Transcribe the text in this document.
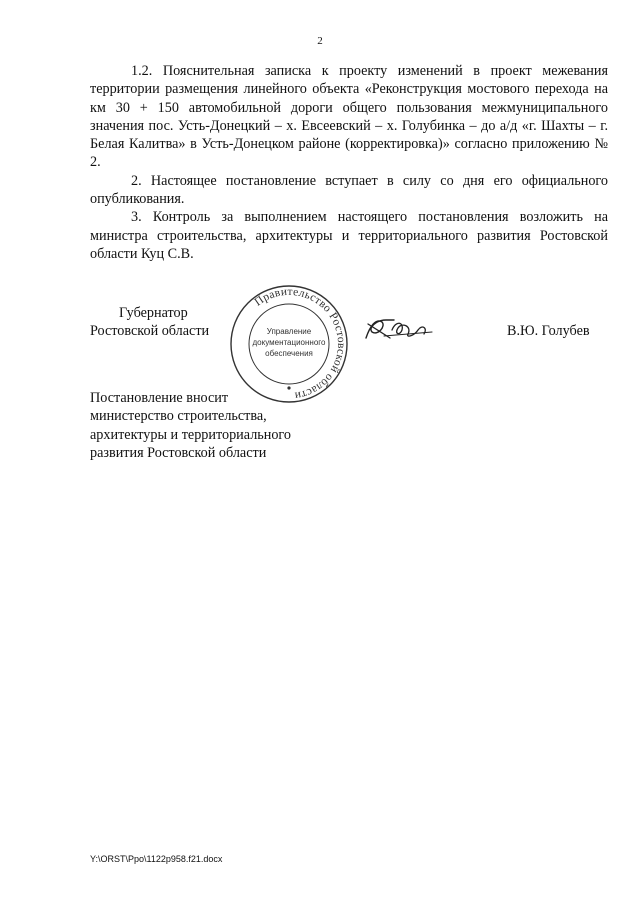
2

1.2. Пояснительная записка к проекту изменений в проект межевания территории размещения линейного объекта «Реконструкция мостового перехода на км 30 + 150 автомобильной дороги общего пользования межмуниципального значения пос. Усть-Донецкий – х. Евсеевский – х. Голубинка – до а/д «г. Шахты – г. Белая Калитва» в Усть-Донецком районе (корректировка)» согласно приложению № 2.

2. Настоящее постановление вступает в силу со дня его официального опубликования.

3. Контроль за выполнением настоящего постановления возложить на министра строительства, архитектуры и территориального развития Ростовской области Куц С.В.

Губернатор
Ростовской области
Правительство Ростовской области
Управление
документационного
обеспечения
В.Ю. Голубев
Постановление вносит
министерство строительства,
архитектуры и территориального
развития Ростовской области
Y:\ORST\Ppo\1122p958.f21.docx
